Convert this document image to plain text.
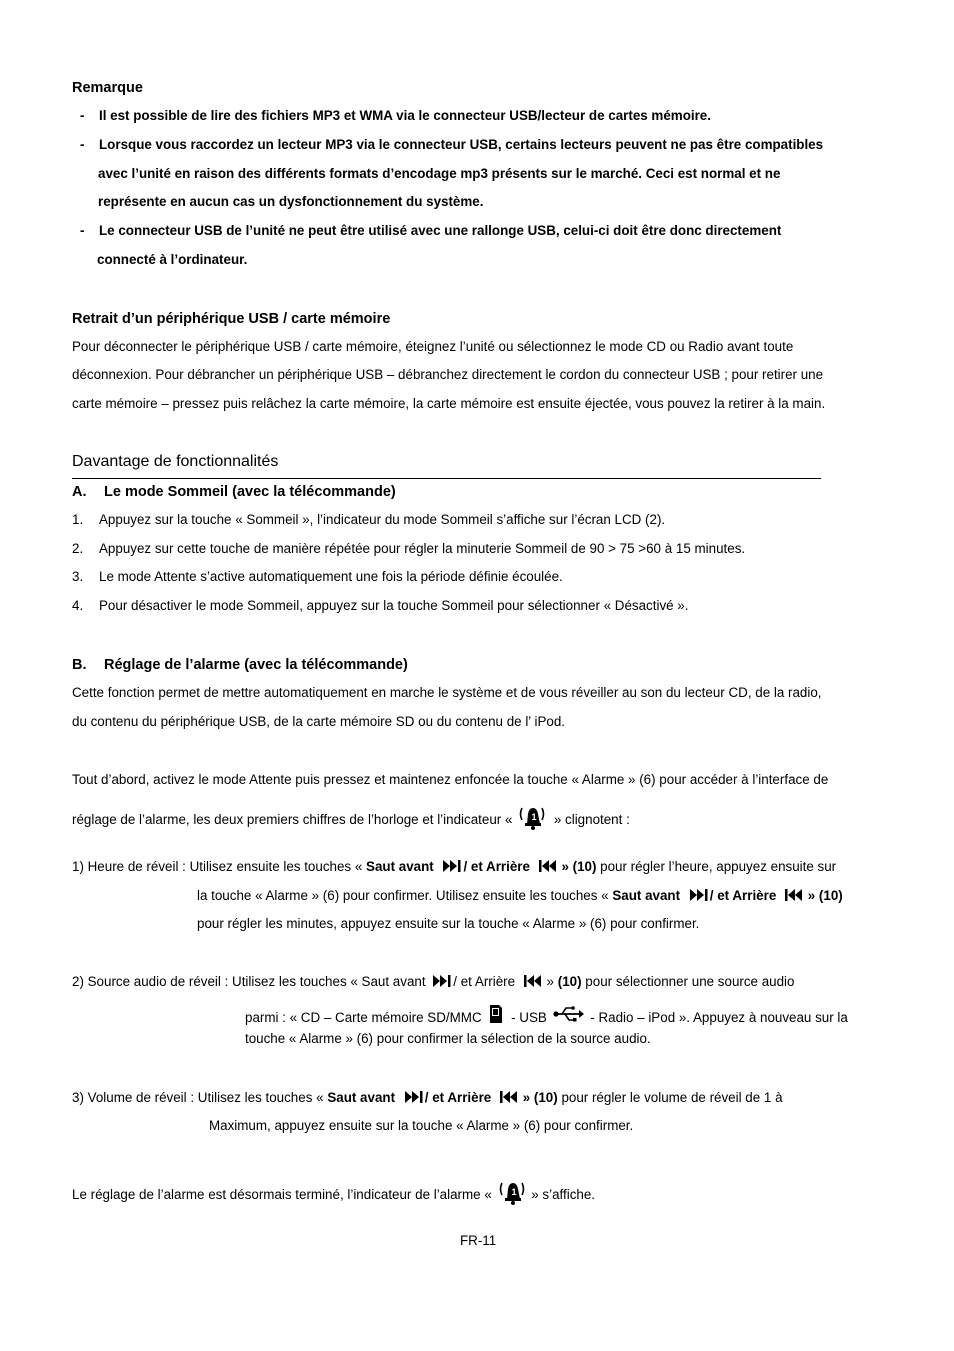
Remarque
- Il est possible de lire des fichiers MP3 et WMA via le connecteur USB/lecteur de cartes mémoire.
- Lorsque vous raccordez un lecteur MP3 via le connecteur USB, certains lecteurs peuvent ne pas être compatibles
avec l’unité en raison des différents formats d’encodage mp3 présents sur le marché. Ceci est normal et ne
représente en aucun cas un dysfonctionnement du système.
- Le connecteur USB de l’unité ne peut être utilisé avec une rallonge USB, celui-ci doit être donc directement
connecté à l’ordinateur.
Retrait d’un périphérique USB / carte mémoire
Pour déconnecter le périphérique USB / carte mémoire, éteignez l’unité ou sélectionnez le mode CD ou Radio avant toute
déconnexion. Pour débrancher un périphérique USB – débranchez directement le cordon du connecteur USB ; pour retirer une
carte mémoire – pressez puis relâchez la carte mémoire, la carte mémoire est ensuite éjectée, vous pouvez la retirer à la main.
Davantage de fonctionnalités
A. Le mode Sommeil (avec la télécommande)
1. Appuyez sur la touche « Sommeil », l’indicateur du mode Sommeil s’affiche sur l’écran LCD (2).
2. Appuyez sur cette touche de manière répétée pour régler la minuterie Sommeil de 90 > 75 >60 à 15 minutes.
3. Le mode Attente s’active automatiquement une fois la période définie écoulée.
4. Pour désactiver le mode Sommeil, appuyez sur la touche Sommeil pour sélectionner « Désactivé ».
B. Réglage de l’alarme (avec la télécommande)
Cette fonction permet de mettre automatiquement en marche le système et de vous réveiller au son du lecteur CD, de la radio,
du contenu du périphérique USB, de la carte mémoire SD ou du contenu de l’ iPod.
Tout d’abord, activez le mode Attente puis pressez et maintenez enfoncée la touche « Alarme » (6) pour accéder à l’interface de
réglage de l’alarme, les deux premiers chiffres de l’horloge et l’indicateur «	» clignotent :
1) Heure de réveil : Utilisez ensuite les touches « Saut avant / et Arrière » (10) pour régler l’heure, appuyez ensuite sur
la touche « Alarme » (6) pour confirmer. Utilisez ensuite les touches « Saut avant / et Arrière » (10)
pour régler les minutes, appuyez ensuite sur la touche « Alarme » (6) pour confirmer.
2) Source audio de réveil : Utilisez les touches « Saut avant / et Arrière » (10) pour sélectionner une source audio
parmi : « CD – Carte mémoire SD/MMC - USB	- Radio – iPod ». Appuyez à nouveau sur la
touche « Alarme » (6) pour confirmer la sélection de la source audio.
3) Volume de réveil : Utilisez les touches « Saut avant / et Arrière » (10) pour régler le volume de réveil de 1 à
Maximum, appuyez ensuite sur la touche « Alarme » (6) pour confirmer.
Le réglage de l’alarme est désormais terminé, l’indicateur de l’alarme «	» s’affiche.
FR-11
